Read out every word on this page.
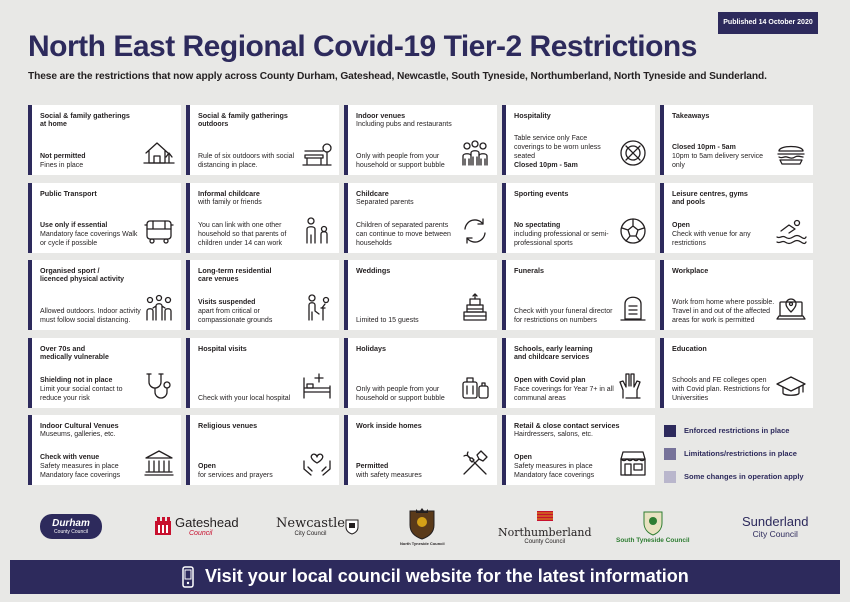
Published 14 October 2020
North East Regional Covid-19 Tier-2 Restrictions
These are the restrictions that now apply across County Durham, Gateshead, Newcastle, South Tyneside, Northumberland, North Tyneside and Sunderland.
Social & family gatherings
at home
Not permitted
Fines in place
Social & family gatherings
outdoors
Rule of six outdoors with social distancing in place.
Indoor venues
Including pubs and restaurants
Only with people from your household or support bubble
Hospitality
Table service only Face coverings to be worn unless seated
Closed 10pm - 5am
Takeaways
Closed 10pm - 5am
10pm to 5am delivery service only
Public Transport
Use only if essential
Mandatory face coverings Walk or cycle if possible
Informal childcare
with family or friends
You can link with one other household so that parents of children under 14 can work
Childcare
Separated parents
Children of separated parents can continue to move between households
Sporting events
No spectating
including professional or semi-professional sports
Leisure centres, gyms
and pools
Open
Check with venue for any restrictions
Organised sport /
licenced physical activity
Allowed outdoors. Indoor activity must follow social distancing.
Long-term residential
care venues
Visits suspended
apart from critical or compassionate grounds
Weddings
Limited to 15 guests
Funerals
Check with your funeral director for restrictions on numbers
Workplace
Work from home where possible. Travel in and out of the affected areas for work is permitted
Over 70s and
medically vulnerable
Shielding not in place
Limit your social contact to reduce your risk
Hospital visits
Check with your local hospital
Holidays
Only with people from your household or support bubble
Schools, early learning
and childcare services
Open with Covid plan
Face coverings for Year 7+ in all communal areas
Education
Schools and FE colleges open with Covid plan. Restrictions for Universities
Indoor Cultural Venues
Museums, galleries, etc.
Check with venue
Safety measures in place Mandatory face coverings
Religious venues
Open
for services and prayers
Work inside homes
Permitted
with safety measures
Retail & close contact services
Hairdressers, salons, etc.
Open
Safety measures in place Mandatory face coverings
Enforced restrictions in place
Limitations/restrictions in place
Some changes in operation apply
Durham
County Council
Gateshead
Council
Newcastle
City Council
North Tyneside Council
Northumberland
County Council	South Tyneside Council
Sunderland
City Council
Visit your local council website for the latest information
